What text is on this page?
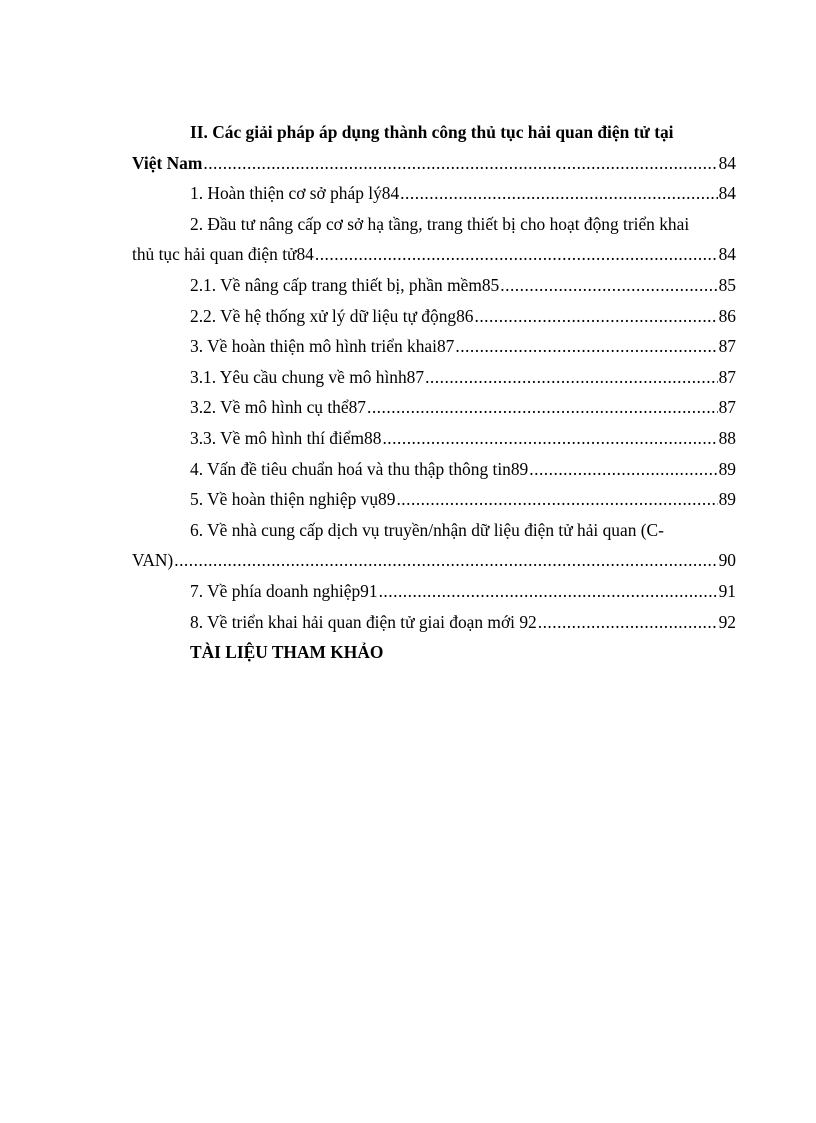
II. Các giải pháp áp dụng thành công thủ tục hải quan điện tử tại
Việt Nam .....	84
1. Hoàn thiện cơ sở pháp lý84 .....	84
2. Đầu tư nâng cấp cơ sở hạ tầng, trang thiết bị cho hoạt động triển khai
thủ tục hải quan điện tử84 .....	84
2.1. Về nâng cấp trang thiết bị, phần mềm85 .....	85
2.2. Về hệ thống xử lý dữ liệu tự động86 .....	86
3. Về hoàn thiện mô hình triển khai87 .....	87
3.1. Yêu cầu chung về mô hình87 .....	87
3.2. Về mô hình cụ thể87 .....	87
3.3. Về mô hình thí điểm88 .....	88
4. Vấn đề tiêu chuẩn hoá và thu thập thông tin89 .....	89
5. Về hoàn thiện nghiệp vụ89 .....	89
6. Về nhà cung cấp dịch vụ truyền/nhận dữ liệu điện tử hải quan (C-
VAN) .....	90
7. Về phía doanh nghiệp91 .....	91
8. Về triển khai hải quan điện tử giai đoạn mới 92 .....	92
TÀI LIỆU THAM KHẢO
